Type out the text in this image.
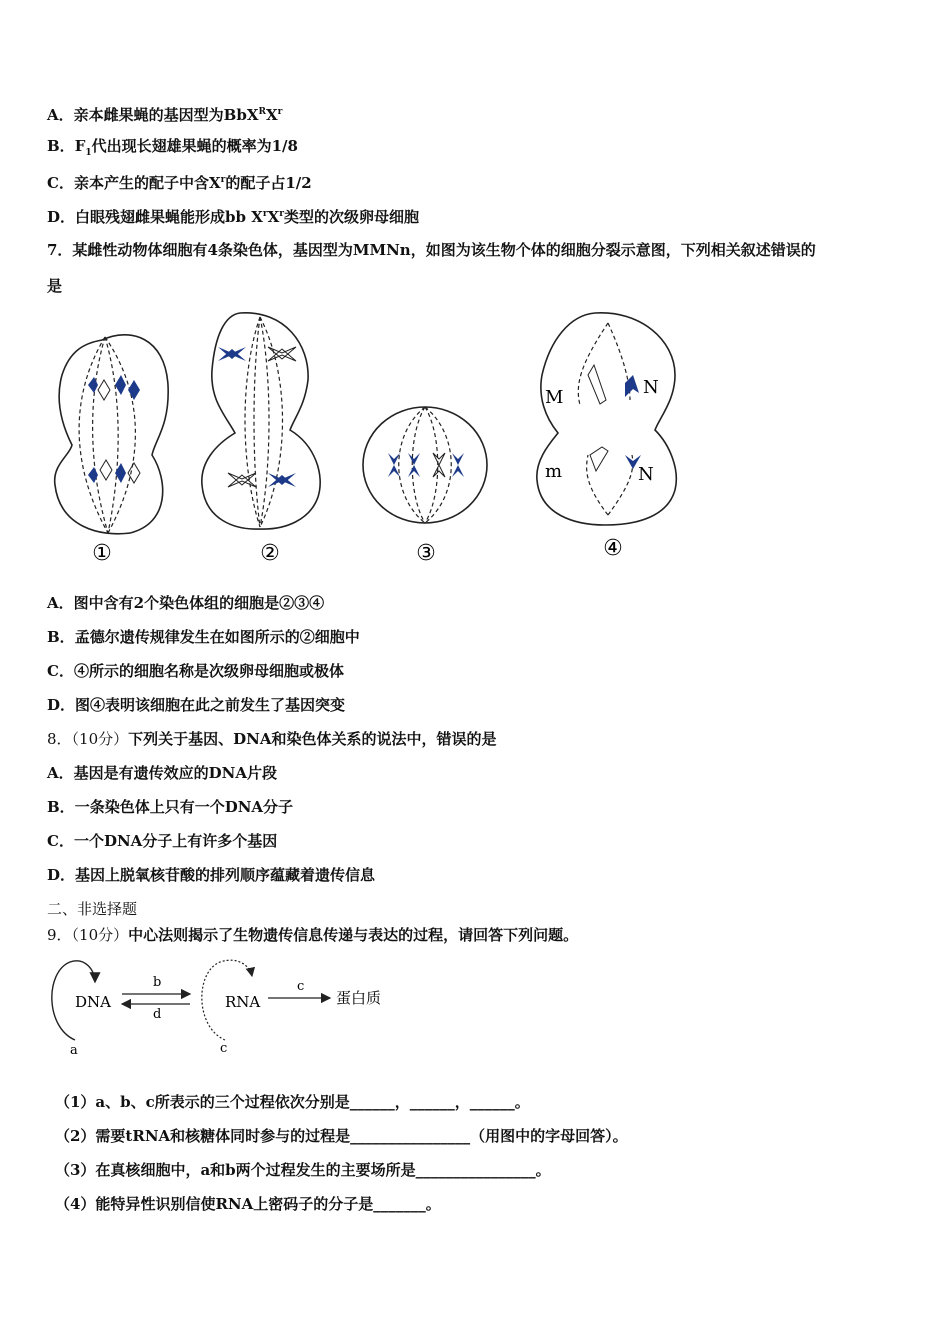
A．亲本雌果蝇的基因型为$BbX^RX^r$
B．$F_1$代出现长翅雄果蝇的概率为1/8
C．亲本产生的配子中含$X^r$的配子占1/2
D．白眼残翅雌果蝇能形成bb $X^rX^r$类型的次级卵母细胞
7．某雌性动物体细胞有4条染色体，基因型为MMNn，如图为该生物个体的细胞分裂示意图，下列相关叙述错误的
是
M	N
m	N
①	②	③	④
A．图中含有2个染色体组的细胞是②③④
B．孟德尔遗传规律发生在如图所示的②细胞中
C．④所示的细胞名称是次级卵母细胞或极体
D．图④表明该细胞在此之前发生了基因突变
8．（10分）下列关于基因、DNA和染色体关系的说法中，错误的是
A．基因是有遗传效应的DNA片段
B．一条染色体上只有一个DNA分子
C．一个DNA分子上有许多个基因
D．基因上脱氧核苷酸的排列顺序蕴藏着遗传信息
二、非选择题
9．（10分）中心法则揭示了生物遗传信息传递与表达的过程，请回答下列问题。
DNA
a
b
d
RNA
c
c
蛋白质
（1）a、b、c所表示的三个过程依次分别是______，______，______。
（2）需要tRNA和核糖体同时参与的过程是________________（用图中的字母回答）。
（3）在真核细胞中，a和b两个过程发生的主要场所是________________。
（4）能特异性识别信使RNA上密码子的分子是_______。
